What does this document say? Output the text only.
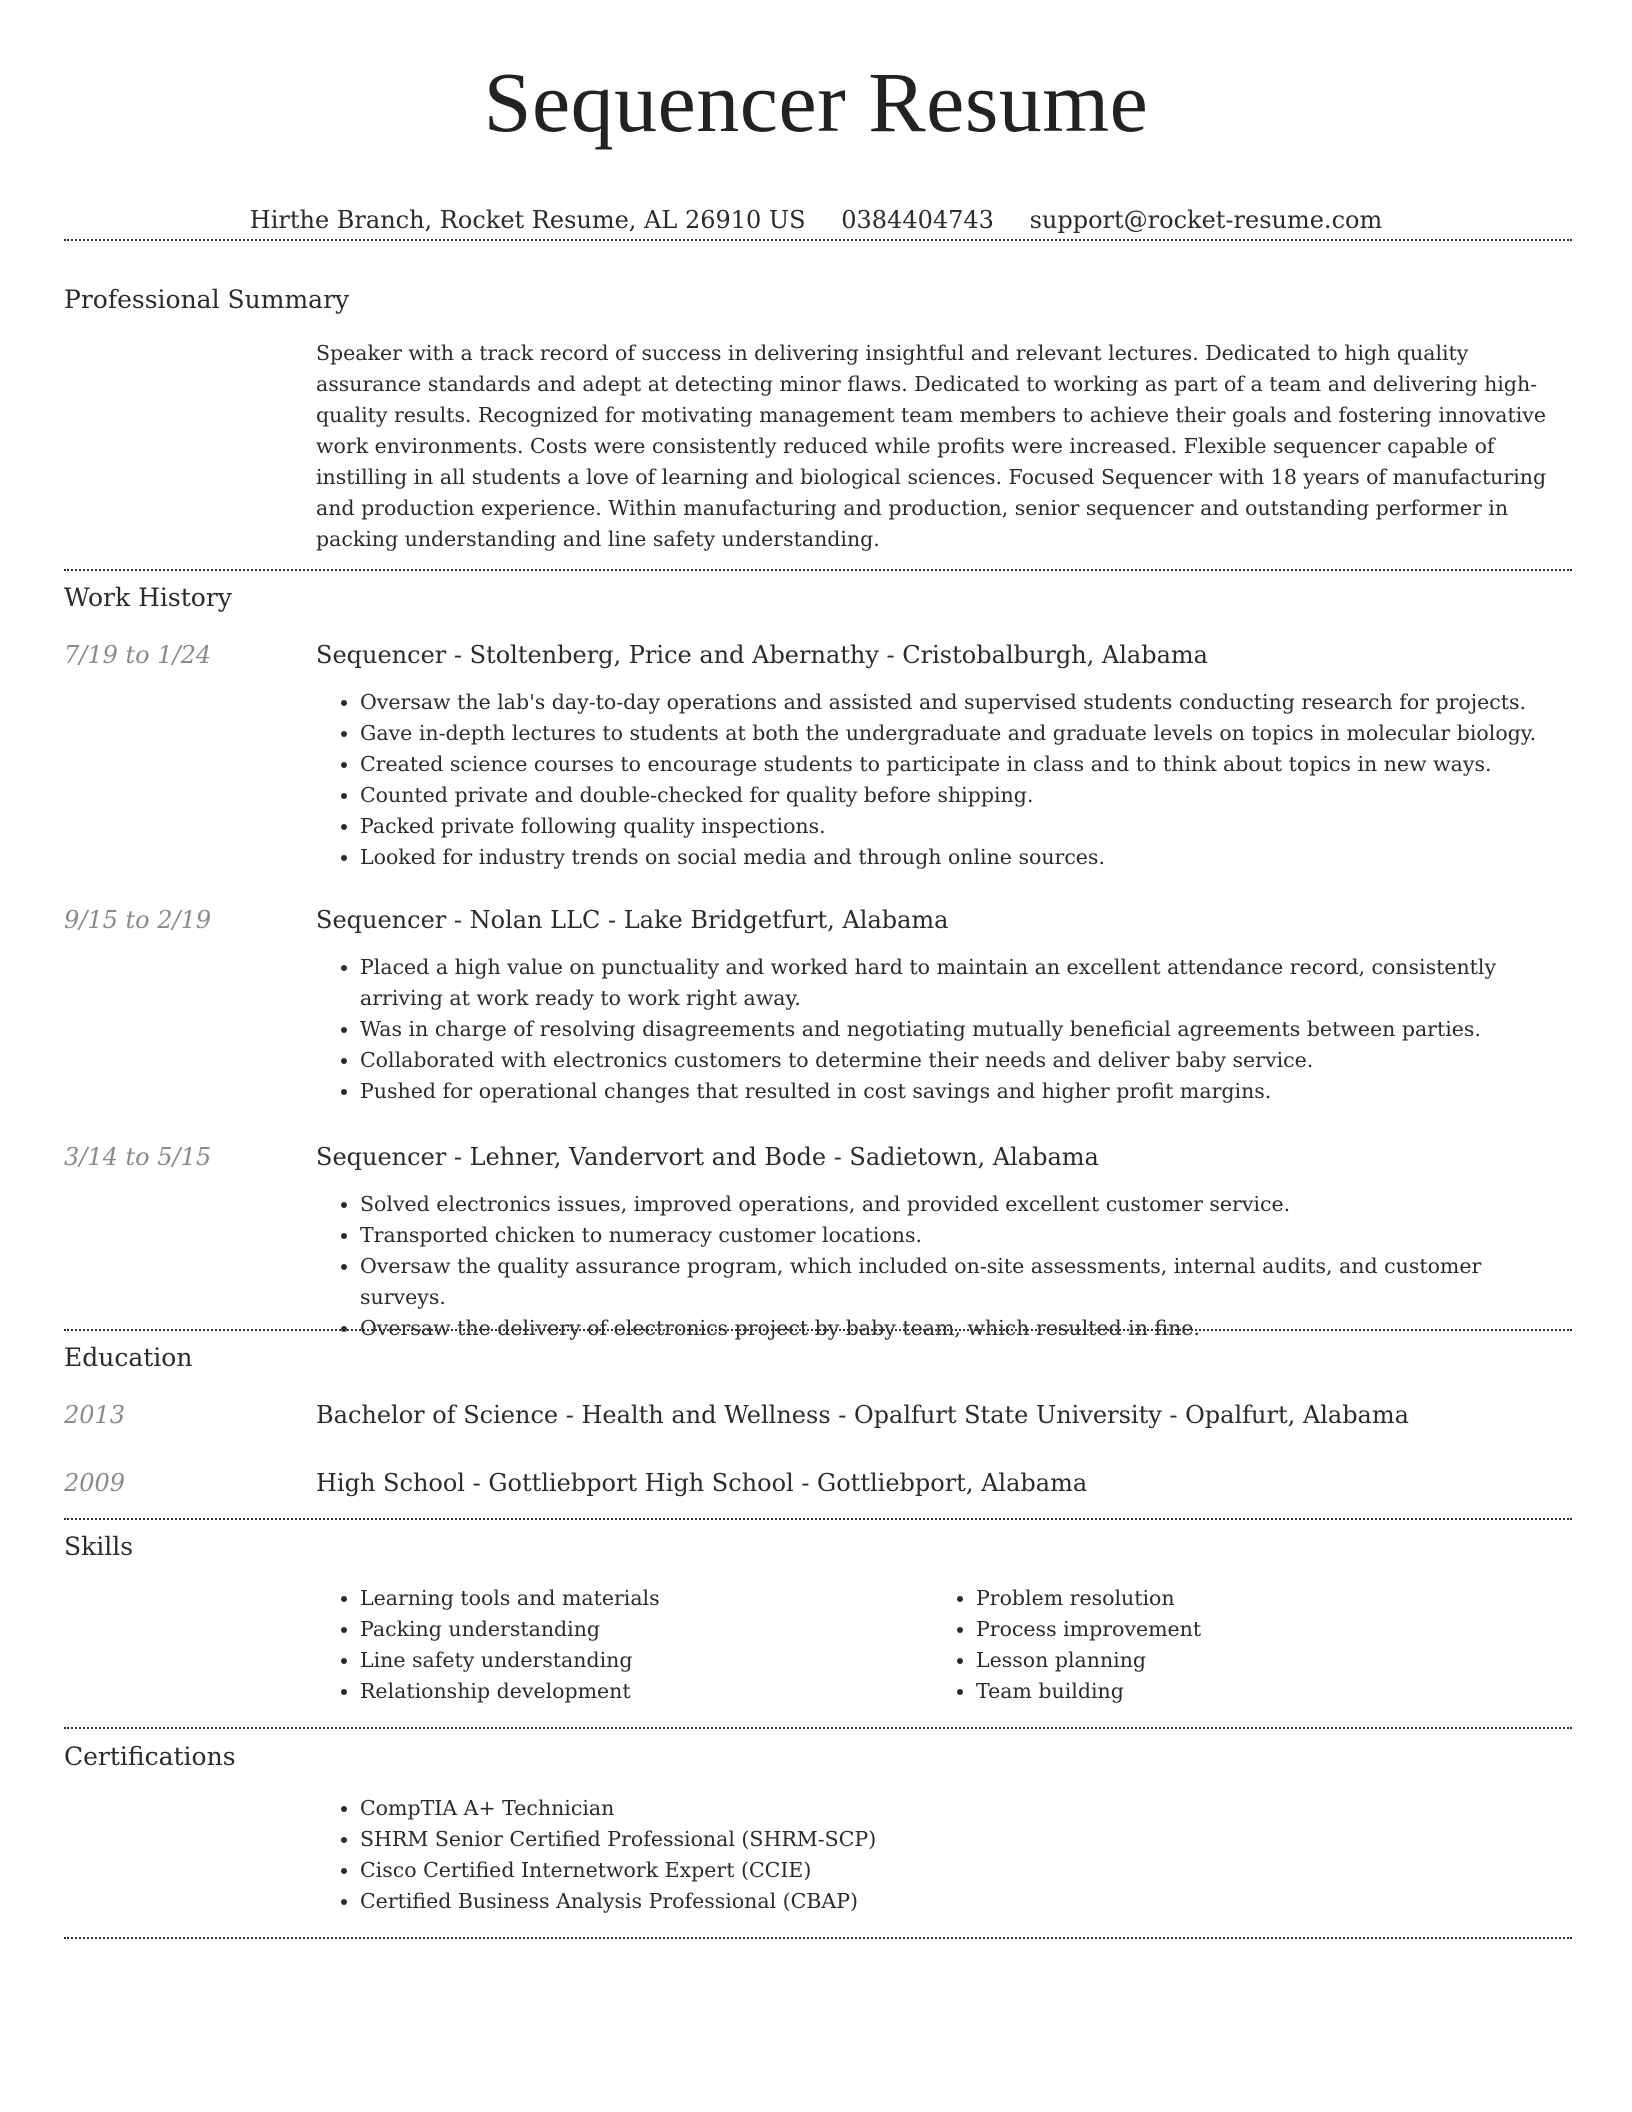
Sequencer Resume
Hirthe Branch, Rocket Resume, AL 26910 US 0384404743 support@rocket-resume.com
Professional Summary
Speaker with a track record of success in delivering insightful and relevant lectures. Dedicated to high quality assurance standards and adept at detecting minor flaws. Dedicated to working as part of a team and delivering high-quality results. Recognized for motivating management team members to achieve their goals and fostering innovative work environments. Costs were consistently reduced while profits were increased. Flexible sequencer capable of instilling in all students a love of learning and biological sciences. Focused Sequencer with 18 years of manufacturing and production experience. Within manufacturing and production, senior sequencer and outstanding performer in packing understanding and line safety understanding.
Work History
7/19 to 1/24	Sequencer - Stoltenberg, Price and Abernathy - Cristobalburgh, Alabama
• Oversaw the lab's day-to-day operations and assisted and supervised students conducting research for projects.
• Gave in-depth lectures to students at both the undergraduate and graduate levels on topics in molecular biology.
• Created science courses to encourage students to participate in class and to think about topics in new ways.
• Counted private and double-checked for quality before shipping.
• Packed private following quality inspections.
• Looked for industry trends on social media and through online sources.
9/15 to 2/19	Sequencer - Nolan LLC - Lake Bridgetfurt, Alabama
• Placed a high value on punctuality and worked hard to maintain an excellent attendance record, consistently arriving at work ready to work right away.
• Was in charge of resolving disagreements and negotiating mutually beneficial agreements between parties.
• Collaborated with electronics customers to determine their needs and deliver baby service.
• Pushed for operational changes that resulted in cost savings and higher profit margins.
3/14 to 5/15	Sequencer - Lehner, Vandervort and Bode - Sadietown, Alabama
• Solved electronics issues, improved operations, and provided excellent customer service.
• Transported chicken to numeracy customer locations.
• Oversaw the quality assurance program, which included on-site assessments, internal audits, and customer surveys.
• Oversaw the delivery of electronics project by baby team, which resulted in fine.
Education
2013	Bachelor of Science - Health and Wellness - Opalfurt State University - Opalfurt, Alabama
2009	High School - Gottliebport High School - Gottliebport, Alabama
Skills
• Learning tools and materials
• Packing understanding
• Line safety understanding
• Relationship development
• Problem resolution
• Process improvement
• Lesson planning
• Team building
Certifications
• CompTIA A+ Technician
• SHRM Senior Certified Professional (SHRM-SCP)
• Cisco Certified Internetwork Expert (CCIE)
• Certified Business Analysis Professional (CBAP)
